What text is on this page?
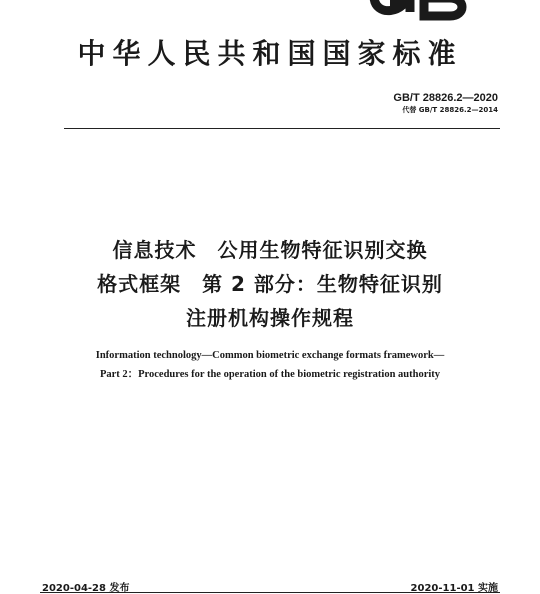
中华人民共和国国家标准
GB/T 28826.2—2020
代替 GB/T 28826.2—2014
信息技术　公用生物特征识别交换
格式框架　第 2 部分：生物特征识别
注册机构操作规程
Information technology—Common biometric exchange formats framework—
Part 2：Procedures for the operation of the biometric registration authority
2020-04-28 发布	2020-11-01 实施
